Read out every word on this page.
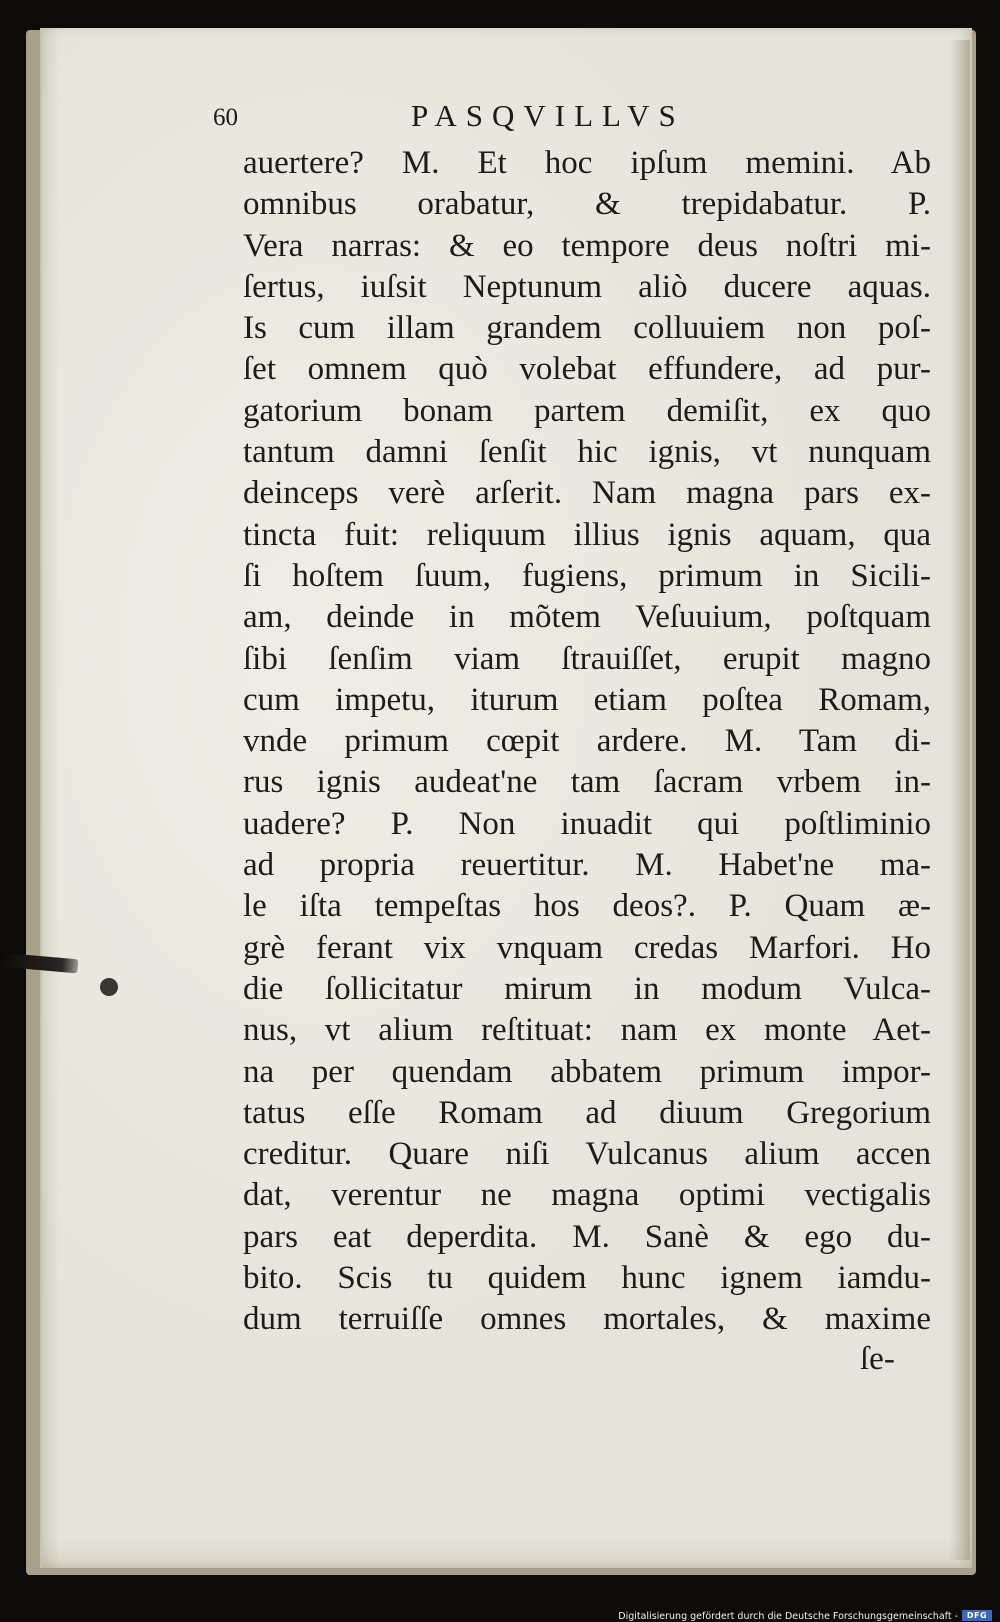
60	PASQVILLVS
auertere? M. Et hoc ipſum memini. Ab
omnibus orabatur, & trepidabatur. P.
Vera narras: & eo tempore deus noſtri mi-
ſertus, iuſsit Neptunum aliò ducere aquas.
Is cum illam grandem colluuiem non poſ-
ſet omnem quò volebat effundere, ad pur-
gatorium bonam partem demiſit, ex quo
tantum damni ſenſit hic ignis, vt nunquam
deinceps verè arſerit. Nam magna pars ex-
tincta fuit: reliquum illius ignis aquam, qua
ſi hoſtem ſuum, fugiens, primum in Sicili-
am, deinde in mõtem Veſuuium, poſtquam
ſibi ſenſim viam ſtrauiſſet, erupit magno
cum impetu, iturum etiam poſtea Romam,
vnde primum cœpit ardere. M. Tam di-
rus ignis audeat'ne tam ſacram vrbem in-
uadere? P. Non inuadit qui poſtliminio
ad propria reuertitur. M. Habet'ne ma-
le iſta tempeſtas hos deos?. P. Quam æ-
grè ferant vix vnquam credas Marfori. Ho
die ſollicitatur mirum in modum Vulca-
nus, vt alium reſtituat: nam ex monte Aet-
na per quendam abbatem primum impor-
tatus eſſe Romam ad diuum Gregorium
creditur. Quare niſi Vulcanus alium accen
dat, verentur ne magna optimi vectigalis
pars eat deperdita. M. Sanè & ego du-
bito. Scis tu quidem hunc ignem iamdu-
dum terruiſſe omnes mortales, & maxime
ſe-
Digitalisierung gefördert durch die Deutsche Forschungsgemeinschaft -	DFG
